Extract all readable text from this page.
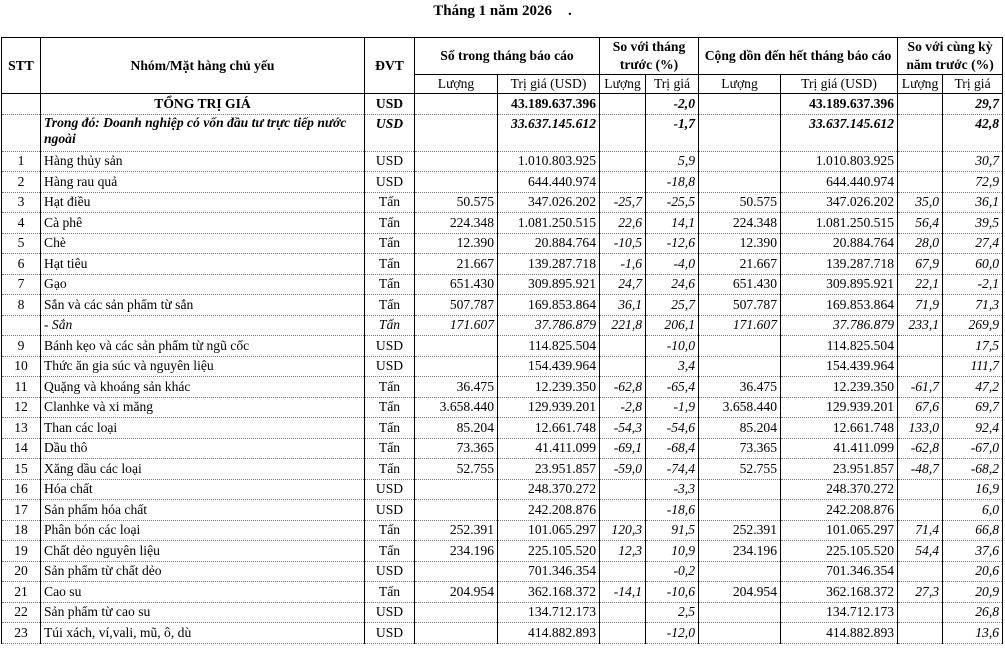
Tháng 1 năm 2026 .
STT	Nhóm/Mặt hàng chủ yếu	ĐVT	Số trong tháng báo cáo		So với tháng trước (%)		Cộng dồn đến hết tháng báo cáo		So với cùng kỳ năm trước (%)	
			Lượng	Trị giá (USD)	Lượng	Trị giá	Lượng	Trị giá (USD)	Lượng	Trị giá
	TỔNG TRỊ GIÁ	USD		43.189.637.396		-2,0		43.189.637.396		29,7
	Trong đó: Doanh nghiệp có vốn đầu tư trực tiếp nước ngoài	USD		33.637.145.612		-1,7		33.637.145.612		42,8
1	Hàng thủy sản	USD		1.010.803.925		5,9		1.010.803.925		30,7
2	Hàng rau quả	USD		644.440.974		-18,8		644.440.974		72,9
3	Hạt điều	Tấn	50.575	347.026.202	-25,7	-25,5	50.575	347.026.202	35,0	36,1
4	Cà phê	Tấn	224.348	1.081.250.515	22,6	14,1	224.348	1.081.250.515	56,4	39,5
5	Chè	Tấn	12.390	20.884.764	-10,5	-12,6	12.390	20.884.764	28,0	27,4
6	Hạt tiêu	Tấn	21.667	139.287.718	-1,6	-4,0	21.667	139.287.718	67,9	60,0
7	Gạo	Tấn	651.430	309.895.921	24,7	24,6	651.430	309.895.921	22,1	-2,1
8	Sắn và các sản phẩm từ sắn	Tấn	507.787	169.853.864	36,1	25,7	507.787	169.853.864	71,9	71,3
	- Sắn	Tấn	171.607	37.786.879	221,8	206,1	171.607	37.786.879	233,1	269,9
9	Bánh kẹo và các sản phẩm từ ngũ cốc	USD		114.825.504		-10,0		114.825.504		17,5
10	Thức ăn gia súc và nguyên liệu	USD		154.439.964		3,4		154.439.964		111,7
11	Quặng và khoáng sản khác	Tấn	36.475	12.239.350	-62,8	-65,4	36.475	12.239.350	-61,7	47,2
12	Clanhke và xi măng	Tấn	3.658.440	129.939.201	-2,8	-1,9	3.658.440	129.939.201	67,6	69,7
13	Than các loại	Tấn	85.204	12.661.748	-54,3	-54,6	85.204	12.661.748	133,0	92,4
14	Dầu thô	Tấn	73.365	41.411.099	-69,1	-68,4	73.365	41.411.099	-62,8	-67,0
15	Xăng dầu các loại	Tấn	52.755	23.951.857	-59,0	-74,4	52.755	23.951.857	-48,7	-68,2
16	Hóa chất	USD		248.370.272		-3,3		248.370.272		16,9
17	Sản phẩm hóa chất	USD		242.208.876		-18,6		242.208.876		6,0
18	Phân bón các loại	Tấn	252.391	101.065.297	120,3	91,5	252.391	101.065.297	71,4	66,8
19	Chất dẻo nguyên liệu	Tấn	234.196	225.105.520	12,3	10,9	234.196	225.105.520	54,4	37,6
20	Sản phẩm từ chất dẻo	USD		701.346.354		-0,2		701.346.354		20,6
21	Cao su	Tấn	204.954	362.168.372	-14,1	-10,6	204.954	362.168.372	27,3	20,9
22	Sản phẩm từ cao su	USD		134.712.173		2,5		134.712.173		26,8
23	Túi xách, ví,vali, mũ, ô, dù	USD		414.882.893		-12,0		414.882.893		13,6
